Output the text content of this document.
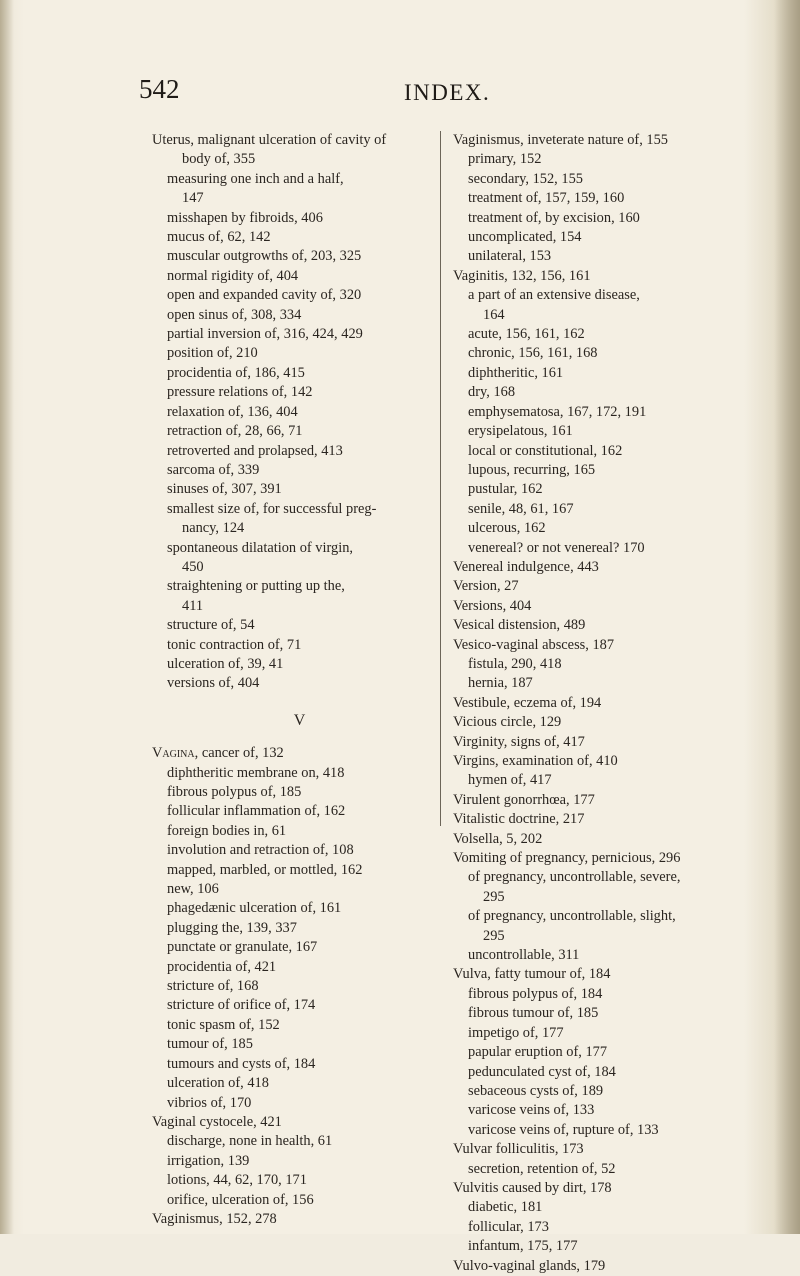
542	INDEX.
Uterus, malignant ulceration of cavity of
body of, 355
measuring one inch and a half,
147
misshapen by fibroids, 406
mucus of, 62, 142
muscular outgrowths of, 203, 325
normal rigidity of, 404
open and expanded cavity of, 320
open sinus of, 308, 334
partial inversion of, 316, 424, 429
position of, 210
procidentia of, 186, 415
pressure relations of, 142
relaxation of, 136, 404
retraction of, 28, 66, 71
retroverted and prolapsed, 413
sarcoma of, 339
sinuses of, 307, 391
smallest size of, for successful preg-
nancy, 124
spontaneous dilatation of virgin,
450
straightening or putting up the,
411
structure of, 54
tonic contraction of, 71
ulceration of, 39, 41
versions of, 404
V
Vagina, cancer of, 132
diphtheritic membrane on, 418
fibrous polypus of, 185
follicular inflammation of, 162
foreign bodies in, 61
involution and retraction of, 108
mapped, marbled, or mottled, 162
new, 106
phagedænic ulceration of, 161
plugging the, 139, 337
punctate or granulate, 167
procidentia of, 421
stricture of, 168
stricture of orifice of, 174
tonic spasm of, 152
tumour of, 185
tumours and cysts of, 184
ulceration of, 418
vibrios of, 170
Vaginal cystocele, 421
discharge, none in health, 61
irrigation, 139
lotions, 44, 62, 170, 171
orifice, ulceration of, 156
Vaginismus, 152, 278
Vaginismus, inveterate nature of, 155
primary, 152
secondary, 152, 155
treatment of, 157, 159, 160
treatment of, by excision, 160
uncomplicated, 154
unilateral, 153
Vaginitis, 132, 156, 161
a part of an extensive disease,
164
acute, 156, 161, 162
chronic, 156, 161, 168
diphtheritic, 161
dry, 168
emphysematosa, 167, 172, 191
erysipelatous, 161
local or constitutional, 162
lupous, recurring, 165
pustular, 162
senile, 48, 61, 167
ulcerous, 162
venereal? or not venereal? 170
Venereal indulgence, 443
Version, 27
Versions, 404
Vesical distension, 489
Vesico-vaginal abscess, 187
fistula, 290, 418
hernia, 187
Vestibule, eczema of, 194
Vicious circle, 129
Virginity, signs of, 417
Virgins, examination of, 410
hymen of, 417
Virulent gonorrhœa, 177
Vitalistic doctrine, 217
Volsella, 5, 202
Vomiting of pregnancy, pernicious, 296
of pregnancy, uncontrollable, severe,
295
of pregnancy, uncontrollable, slight,
295
uncontrollable, 311
Vulva, fatty tumour of, 184
fibrous polypus of, 184
fibrous tumour of, 185
impetigo of, 177
papular eruption of, 177
pedunculated cyst of, 184
sebaceous cysts of, 189
varicose veins of, 133
varicose veins of, rupture of, 133
Vulvar folliculitis, 173
secretion, retention of, 52
Vulvitis caused by dirt, 178
diabetic, 181
follicular, 173
infantum, 175, 177
Vulvo-vaginal glands, 179
